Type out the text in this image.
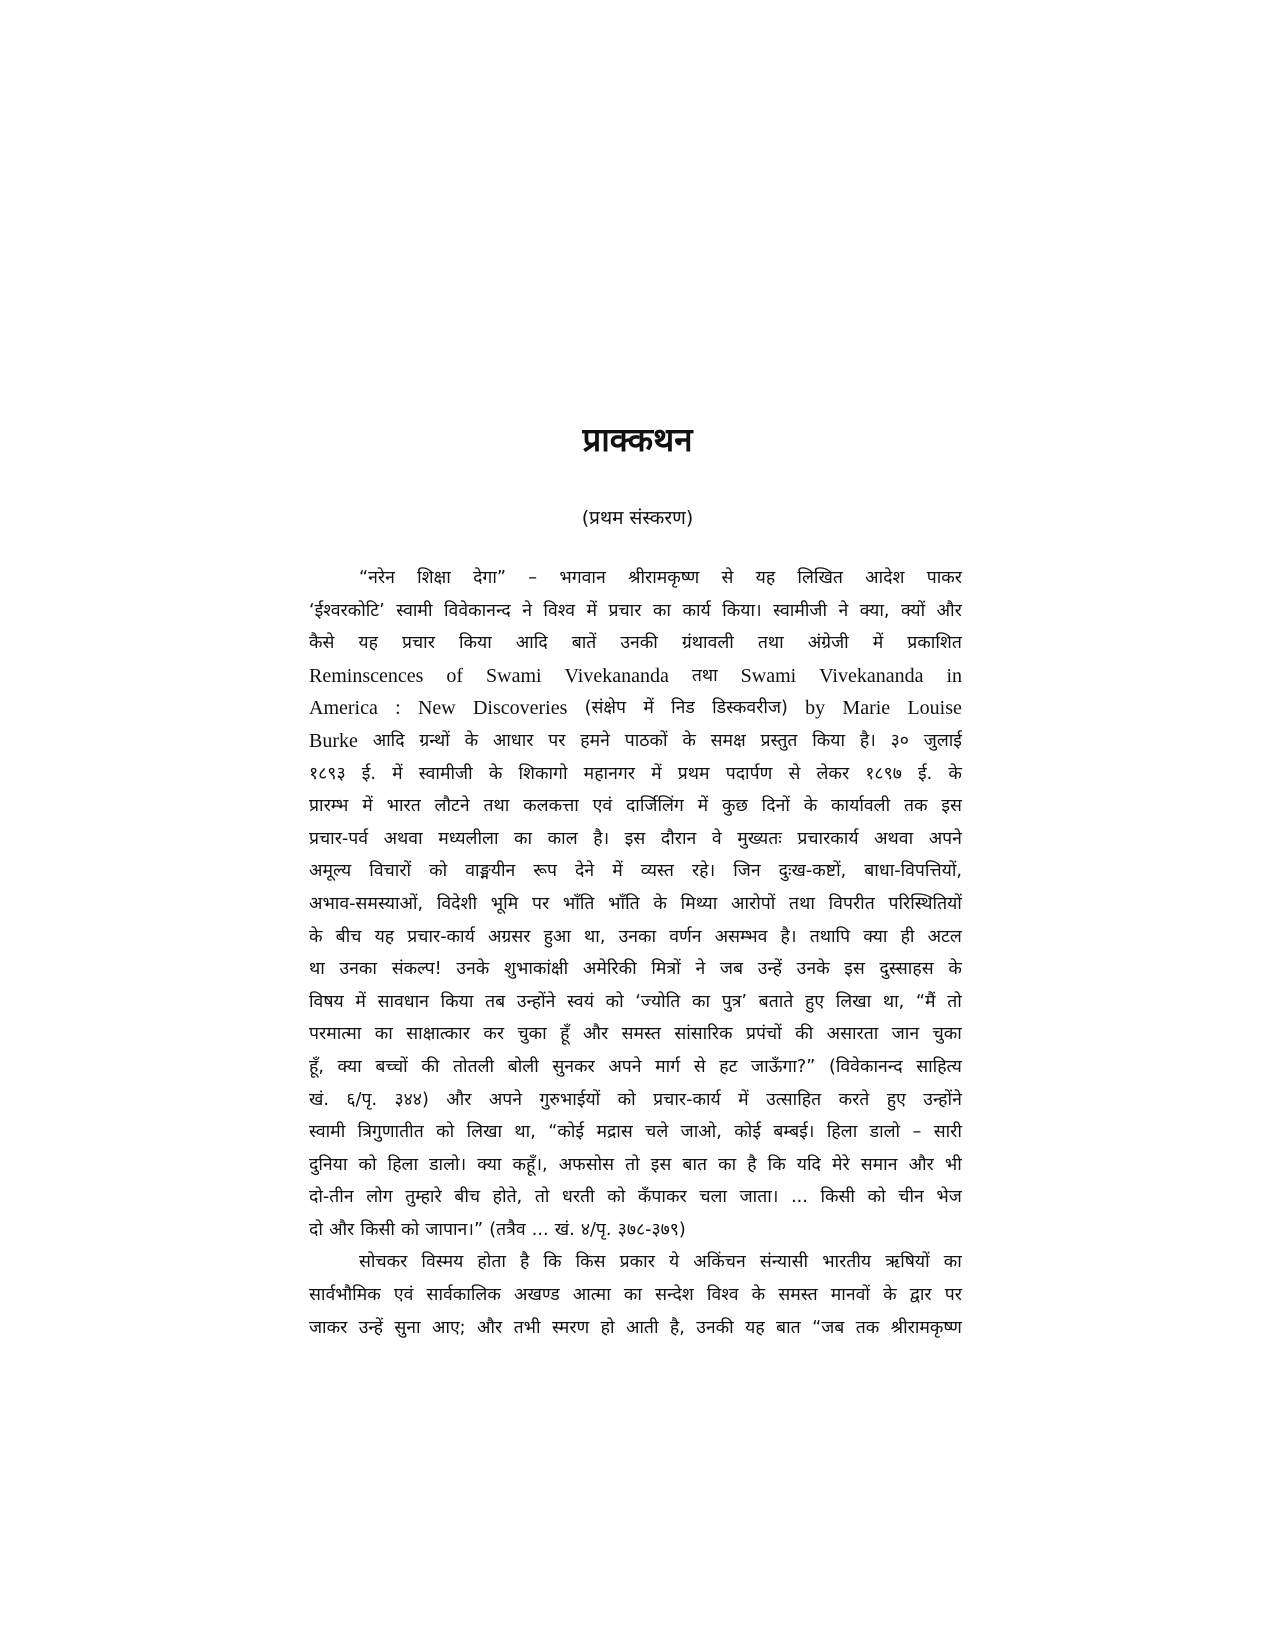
प्राक्कथन
(प्रथम संस्करण)
“नरेन शिक्षा देगा” – भगवान श्रीरामकृष्ण से यह लिखित आदेश पाकर
‘ईश्वरकोटि’ स्वामी विवेकानन्द ने विश्व में प्रचार का कार्य किया। स्वामीजी ने क्या, क्यों और
कैसे यह प्रचार किया आदि बातें उनकी ग्रंथावली तथा अंग्रेजी में प्रकाशित
Reminscences of Swami Vivekananda तथा Swami Vivekananda in
America : New Discoveries (संक्षेप में निड डिस्कवरीज) by Marie Louise
Burke आदि ग्रन्थों के आधार पर हमने पाठकों के समक्ष प्रस्तुत किया है। ३० जुलाई
१८९३ ई. में स्वामीजी के शिकागो महानगर में प्रथम पदार्पण से लेकर १८९७ ई. के
प्रारम्भ में भारत लौटने तथा कलकत्ता एवं दार्जिलिंग में कुछ दिनों के कार्यावली तक इस
प्रचार-पर्व अथवा मध्यलीला का काल है। इस दौरान वे मुख्यतः प्रचारकार्य अथवा अपने
अमूल्य विचारों को वाङ्मयीन रूप देने में व्यस्त रहे। जिन दुःख-कष्टों, बाधा-विपत्तियों,
अभाव-समस्याओं, विदेशी भूमि पर भाँति भाँति के मिथ्या आरोपों तथा विपरीत परिस्थितियों
के बीच यह प्रचार-कार्य अग्रसर हुआ था, उनका वर्णन असम्भव है। तथापि क्या ही अटल
था उनका संकल्प! उनके शुभाकांक्षी अमेरिकी मित्रों ने जब उन्हें उनके इस दुस्साहस के
विषय में सावधान किया तब उन्होंने स्वयं को ‘ज्योति का पुत्र’ बताते हुए लिखा था, “मैं तो
परमात्मा का साक्षात्कार कर चुका हूँ और समस्त सांसारिक प्रपंचों की असारता जान चुका
हूँ, क्या बच्चों की तोतली बोली सुनकर अपने मार्ग से हट जाऊँगा?” (विवेकानन्द साहित्य
खं. ६/पृ. ३४४) और अपने गुरुभाईयों को प्रचार-कार्य में उत्साहित करते हुए उन्होंने
स्वामी त्रिगुणातीत को लिखा था, “कोई मद्रास चले जाओ, कोई बम्बई। हिला डालो – सारी
दुनिया को हिला डालो। क्या कहूँ।, अफसोस तो इस बात का है कि यदि मेरे समान और भी
दो-तीन लोग तुम्हारे बीच होते, तो धरती को कँपाकर चला जाता। ... किसी को चीन भेज
दो और किसी को जापान।” (तत्रैव ... खं. ४/पृ. ३७८-३७९)
सोचकर विस्मय होता है कि किस प्रकार ये अकिंचन संन्यासी भारतीय ऋषियों का
सार्वभौमिक एवं सार्वकालिक अखण्ड आत्मा का सन्देश विश्व के समस्त मानवों के द्वार पर
जाकर उन्हें सुना आए; और तभी स्मरण हो आती है, उनकी यह बात “जब तक श्रीरामकृष्ण
